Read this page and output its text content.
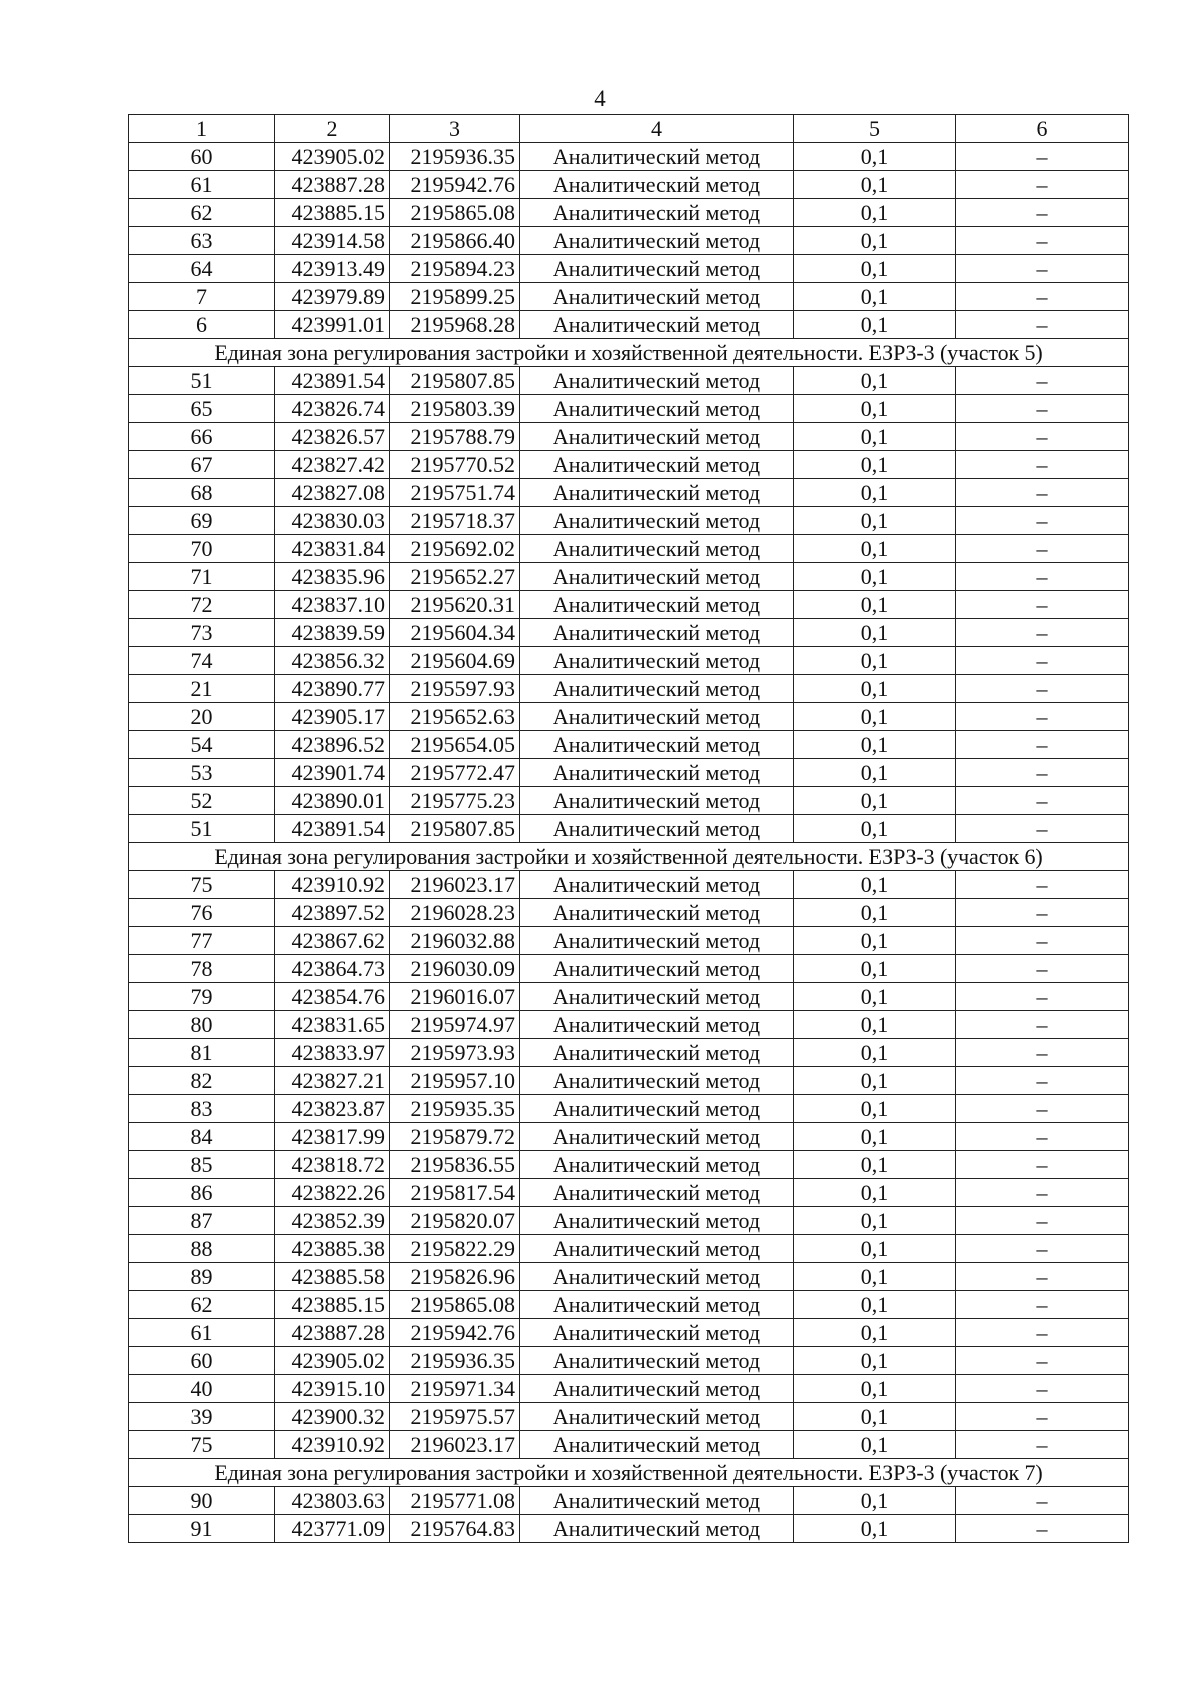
4
1	2	3	4	5	6
60	423905.02	2195936.35	Аналитический метод	0,1	–
61	423887.28	2195942.76	Аналитический метод	0,1	–
62	423885.15	2195865.08	Аналитический метод	0,1	–
63	423914.58	2195866.40	Аналитический метод	0,1	–
64	423913.49	2195894.23	Аналитический метод	0,1	–
7	423979.89	2195899.25	Аналитический метод	0,1	–
6	423991.01	2195968.28	Аналитический метод	0,1	–
Единая зона регулирования застройки и хозяйственной деятельности. ЕЗРЗ-3 (участок 5)					
51	423891.54	2195807.85	Аналитический метод	0,1	–
65	423826.74	2195803.39	Аналитический метод	0,1	–
66	423826.57	2195788.79	Аналитический метод	0,1	–
67	423827.42	2195770.52	Аналитический метод	0,1	–
68	423827.08	2195751.74	Аналитический метод	0,1	–
69	423830.03	2195718.37	Аналитический метод	0,1	–
70	423831.84	2195692.02	Аналитический метод	0,1	–
71	423835.96	2195652.27	Аналитический метод	0,1	–
72	423837.10	2195620.31	Аналитический метод	0,1	–
73	423839.59	2195604.34	Аналитический метод	0,1	–
74	423856.32	2195604.69	Аналитический метод	0,1	–
21	423890.77	2195597.93	Аналитический метод	0,1	–
20	423905.17	2195652.63	Аналитический метод	0,1	–
54	423896.52	2195654.05	Аналитический метод	0,1	–
53	423901.74	2195772.47	Аналитический метод	0,1	–
52	423890.01	2195775.23	Аналитический метод	0,1	–
51	423891.54	2195807.85	Аналитический метод	0,1	–
Единая зона регулирования застройки и хозяйственной деятельности. ЕЗРЗ-3 (участок 6)					
75	423910.92	2196023.17	Аналитический метод	0,1	–
76	423897.52	2196028.23	Аналитический метод	0,1	–
77	423867.62	2196032.88	Аналитический метод	0,1	–
78	423864.73	2196030.09	Аналитический метод	0,1	–
79	423854.76	2196016.07	Аналитический метод	0,1	–
80	423831.65	2195974.97	Аналитический метод	0,1	–
81	423833.97	2195973.93	Аналитический метод	0,1	–
82	423827.21	2195957.10	Аналитический метод	0,1	–
83	423823.87	2195935.35	Аналитический метод	0,1	–
84	423817.99	2195879.72	Аналитический метод	0,1	–
85	423818.72	2195836.55	Аналитический метод	0,1	–
86	423822.26	2195817.54	Аналитический метод	0,1	–
87	423852.39	2195820.07	Аналитический метод	0,1	–
88	423885.38	2195822.29	Аналитический метод	0,1	–
89	423885.58	2195826.96	Аналитический метод	0,1	–
62	423885.15	2195865.08	Аналитический метод	0,1	–
61	423887.28	2195942.76	Аналитический метод	0,1	–
60	423905.02	2195936.35	Аналитический метод	0,1	–
40	423915.10	2195971.34	Аналитический метод	0,1	–
39	423900.32	2195975.57	Аналитический метод	0,1	–
75	423910.92	2196023.17	Аналитический метод	0,1	–
Единая зона регулирования застройки и хозяйственной деятельности. ЕЗРЗ-3 (участок 7)					
90	423803.63	2195771.08	Аналитический метод	0,1	–
91	423771.09	2195764.83	Аналитический метод	0,1	–
